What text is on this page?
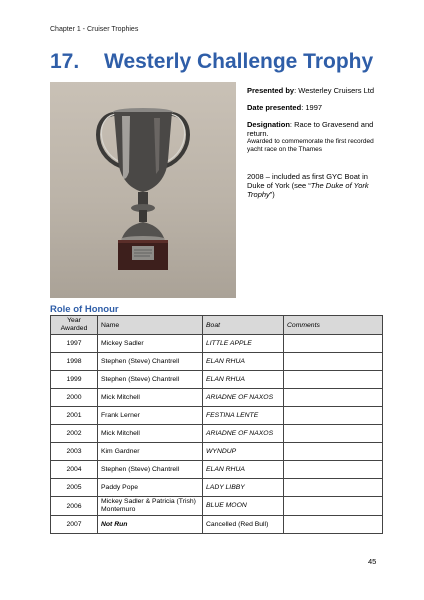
Chapter 1 - Cruiser Trophies
17. Westerly Challenge Trophy

Presented by: Westerley Cruisers Ltd

Date presented: 1997

Designation: Race to Gravesend and return.
Awarded to commemorate the first recorded yacht race on the Thames

2008 – included as first GYC Boat in Duke of York (see “The Duke of York Trophy”)

Role of Honour
Year Awarded	Name	Boat	Comments
1997	Mickey Sadler	LITTLE APPLE	
1998	Stephen (Steve) Chantrell	ELAN RHUA	
1999	Stephen (Steve) Chantrell	ELAN RHUA	
2000	Mick Mitchell	ARIADNE OF NAXOS	
2001	Frank Lerner	FESTINA LENTE	
2002	Mick Mitchell	ARIADNE OF NAXOS	
2003	Kim Gardner	WYNDUP	
2004	Stephen (Steve) Chantrell	ELAN RHUA	
2005	Paddy Pope	LADY LIBBY	
2006	Mickey Sadler & Patricia (Trish) Montemuro	BLUE MOON	
2007	Not Run	Cancelled (Red Bull)	
45
